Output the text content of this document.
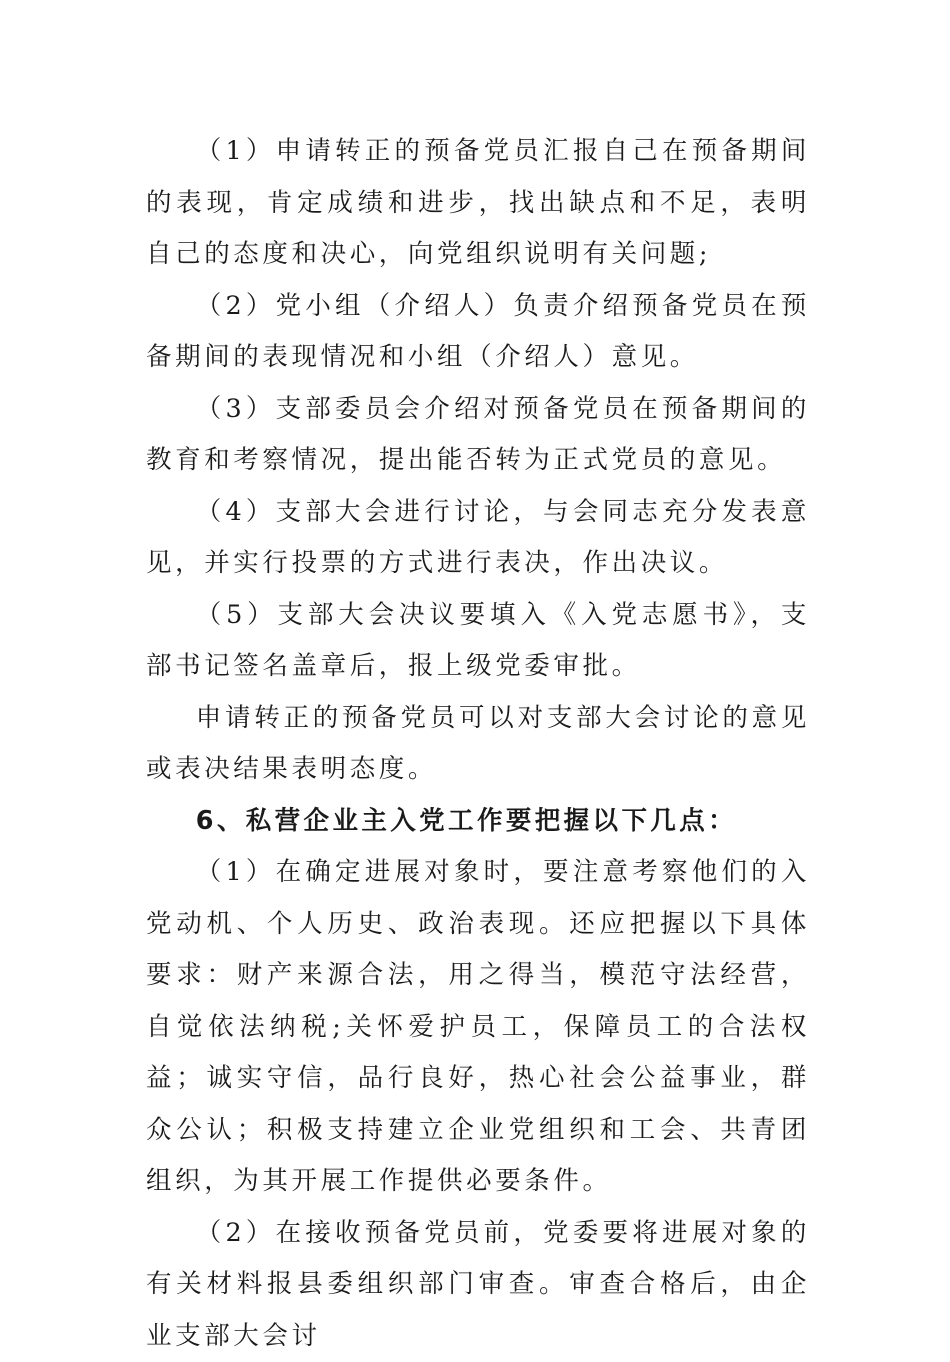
（1）申请转正的预备党员汇报自己在预备期间的表现，肯定成绩和进步，找出缺点和不足，表明自己的态度和决心，向党组织说明有关问题;

（2）党小组（介绍人）负责介绍预备党员在预备期间的表现情况和小组（介绍人）意见。

（3）支部委员会介绍对预备党员在预备期间的教育和考察情况，提出能否转为正式党员的意见。

（4）支部大会进行讨论，与会同志充分发表意见，并实行投票的方式进行表决，作出决议。

（5）支部大会决议要填入《入党志愿书》，支部书记签名盖章后，报上级党委审批。

申请转正的预备党员可以对支部大会讨论的意见或表决结果表明态度。

6、私营企业主入党工作要把握以下几点：

（1）在确定进展对象时，要注意考察他们的入党动机、个人历史、政治表现。还应把握以下具体要求：财产来源合法，用之得当，模范守法经营，自觉依法纳税;关怀爱护员工，保障员工的合法权益；诚实守信，品行良好，热心社会公益事业，群众公认；积极支持建立企业党组织和工会、共青团组织，为其开展工作提供必要条件。

（2）在接收预备党员前，党委要将进展对象的有关材料报县委组织部门审查。审查合格后，由企业支部大会讨
